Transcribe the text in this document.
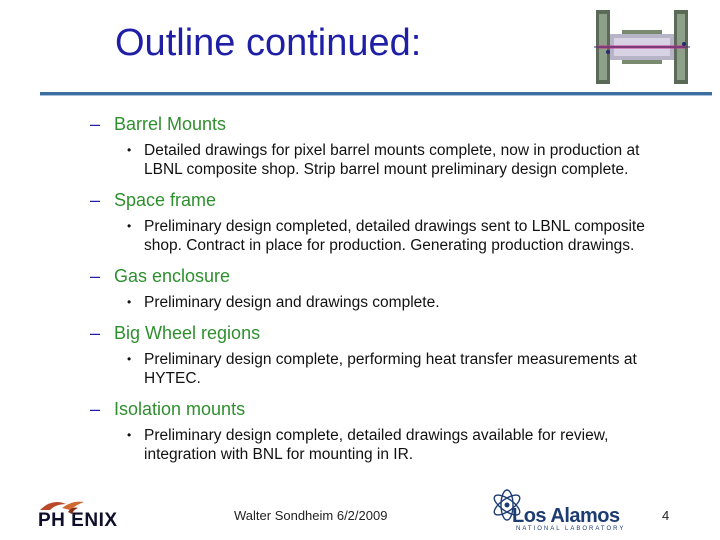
Outline continued:
– Barrel Mounts
• Detailed drawings for pixel barrel mounts complete, now in production at LBNL composite shop. Strip barrel mount preliminary design complete.
– Space frame
• Preliminary design completed, detailed drawings sent to LBNL composite shop. Contract in place for production. Generating production drawings.
– Gas enclosure
• Preliminary design and drawings complete.
– Big Wheel regions
• Preliminary design complete, performing heat transfer measurements at HYTEC.
– Isolation mounts
• Preliminary design complete, detailed drawings available for review, integration with BNL for mounting in IR.
PH ENIX	Walter Sondheim 6/2/2009	Los Alamos
NATIONAL LABORATORY
4
